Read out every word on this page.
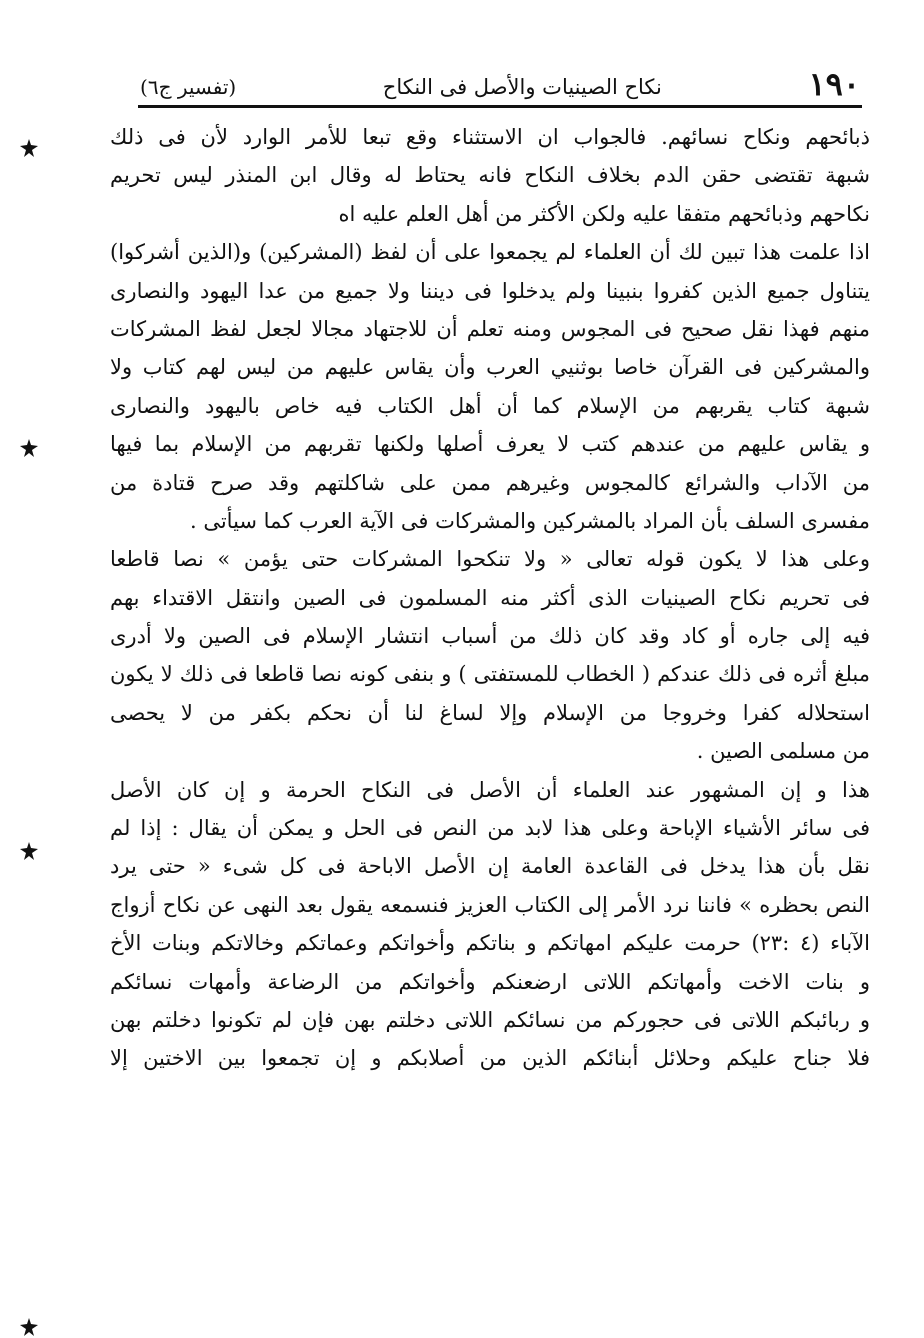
١٩٠
نكاح الصينيات والأصل فى النكاح
(تفسير ج٦)
ذبائحهم ونكاح نسائهم. فالجواب ان الاستثناء وقع تبعا للأمر الوارد لأن فى ذلك
شبهة تقتضى حقن الدم بخلاف النكاح فانه يحتاط له وقال ابن المنذر ليس تحريم
نكاحهم وذبائحهم متفقا عليه ولكن الأكثر من أهل العلم عليه اه
اذا علمت هذا تبين لك أن العلماء لم يجمعوا على أن لفظ (المشركين) و(الذين أشركوا)
يتناول جميع الذين كفروا بنبينا ولم يدخلوا فى ديننا ولا جميع من عدا اليهود والنصارى
منهم فهذا نقل صحيح فى المجوس ومنه تعلم أن للاجتهاد مجالا لجعل لفظ المشركات
والمشركين فى القرآن خاصا بوثنيي العرب وأن يقاس عليهم من ليس لهم كتاب ولا
شبهة كتاب يقربهم من الإسلام كما أن أهل الكتاب فيه خاص باليهود والنصارى
و يقاس عليهم من عندهم كتب لا يعرف أصلها ولكنها تقربهم من الإسلام بما فيها
من الآداب والشرائع كالمجوس وغيرهم ممن على شاكلتهم وقد صرح قتادة من
مفسرى السلف بأن المراد بالمشركين والمشركات فى الآية العرب كما سيأتى .
وعلى هذا لا يكون قوله تعالى « ولا تنكحوا المشركات حتى يؤمن » نصا قاطعا
فى تحريم نكاح الصينيات الذى أكثر منه المسلمون فى الصين وانتقل الاقتداء بهم
فيه إلى جاره أو كاد وقد كان ذلك من أسباب انتشار الإسلام فى الصين ولا أدرى
مبلغ أثره فى ذلك عندكم ( الخطاب للمستفتى ) و بنفى كونه نصا قاطعا فى ذلك لا يكون
استحلاله كفرا وخروجا من الإسلام وإلا لساغ لنا أن نحكم بكفر من لا يحصى
من مسلمى الصين .
هذا و إن المشهور عند العلماء أن الأصل فى النكاح الحرمة و إن كان الأصل
فى سائر الأشياء الإباحة وعلى هذا لابد من النص فى الحل و يمكن أن يقال : إذا لم
نقل بأن هذا يدخل فى القاعدة العامة إن الأصل الاباحة فى كل شىء « حتى يرد
النص بحظره » فاننا نرد الأمر إلى الكتاب العزيز فنسمعه يقول بعد النهى عن نكاح أزواج
الآباء (٤ :٢٣) حرمت عليكم امهاتكم و بناتكم وأخواتكم وعماتكم وخالاتكم وبنات الأخ
و بنات الاخت وأمهاتكم اللاتى ارضعنكم وأخواتكم من الرضاعة وأمهات نسائكم
و ربائبكم اللاتى فى حجوركم من نسائكم اللاتى دخلتم بهن فإن لم تكونوا دخلتم بهن
فلا جناح عليكم وحلائل أبنائكم الذين من أصلابكم و إن تجمعوا بين الاختين إلا
